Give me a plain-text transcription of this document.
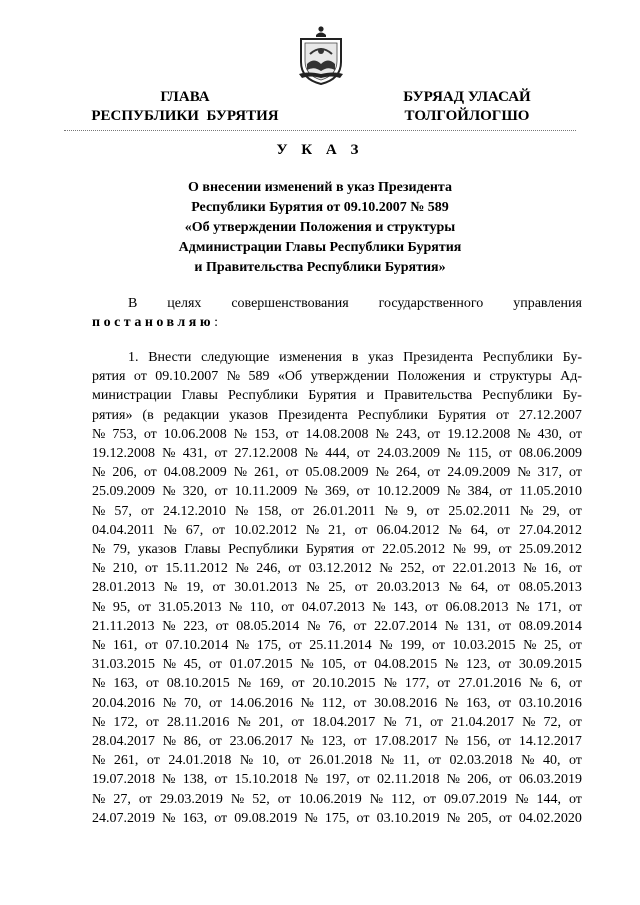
ГЛАВА
РЕСПУБЛИКИ  БУРЯТИЯ
БУРЯАД УЛАСАЙ
ТОЛГОЙЛОГШО
У К А З
О внесении изменений в указ Президента
Республики Бурятия от 09.10.2007 № 589
«Об утверждении Положения и структуры
Администрации Главы Республики Бурятия
и Правительства Республики Бурятия»
В целях совершенствования государственного управления
постановляю :
1. Внести следующие изменения в указ Президента Республики Бу-
рятия от 09.10.2007 № 589 «Об утверждении Положения и структуры Ад-
министрации Главы Республики Бурятия и Правительства Республики Бу-
рятия» (в редакции указов Президента Республики Бурятия от 27.12.2007
№ 753, от 10.06.2008 № 153, от 14.08.2008 № 243, от 19.12.2008 № 430, от
19.12.2008 № 431, от 27.12.2008 № 444, от 24.03.2009 № 115, от 08.06.2009
№ 206, от 04.08.2009 № 261, от 05.08.2009 № 264, от 24.09.2009 № 317, от
25.09.2009 № 320, от 10.11.2009 № 369, от 10.12.2009 № 384, от 11.05.2010
№ 57, от 24.12.2010 № 158, от 26.01.2011 № 9, от 25.02.2011 № 29, от
04.04.2011 № 67, от 10.02.2012 № 21, от 06.04.2012 № 64, от 27.04.2012
№ 79, указов Главы Республики Бурятия от 22.05.2012 № 99, от 25.09.2012
№ 210, от 15.11.2012 № 246, от 03.12.2012 № 252, от 22.01.2013 № 16, от
28.01.2013 № 19, от 30.01.2013 № 25, от 20.03.2013 № 64, от 08.05.2013
№ 95, от 31.05.2013 № 110, от 04.07.2013 № 143, от 06.08.2013 № 171, от
21.11.2013 № 223, от 08.05.2014 № 76, от 22.07.2014 № 131, от 08.09.2014
№ 161, от 07.10.2014 № 175, от 25.11.2014 № 199, от 10.03.2015 № 25, от
31.03.2015 № 45, от 01.07.2015 № 105, от 04.08.2015 № 123, от 30.09.2015
№ 163, от 08.10.2015 № 169, от 20.10.2015 № 177, от 27.01.2016 № 6, от
20.04.2016 № 70, от 14.06.2016 № 112, от 30.08.2016 № 163, от 03.10.2016
№ 172, от 28.11.2016 № 201, от 18.04.2017 № 71, от 21.04.2017 № 72, от
28.04.2017 № 86, от 23.06.2017 № 123, от 17.08.2017 № 156, от 14.12.2017
№ 261, от 24.01.2018 № 10, от 26.01.2018 № 11, от 02.03.2018 № 40, от
19.07.2018 № 138, от 15.10.2018 № 197, от 02.11.2018 № 206, от 06.03.2019
№ 27, от 29.03.2019 № 52, от 10.06.2019 № 112, от 09.07.2019 № 144, от
24.07.2019 № 163, от 09.08.2019 № 175, от 03.10.2019 № 205, от 04.02.2020
